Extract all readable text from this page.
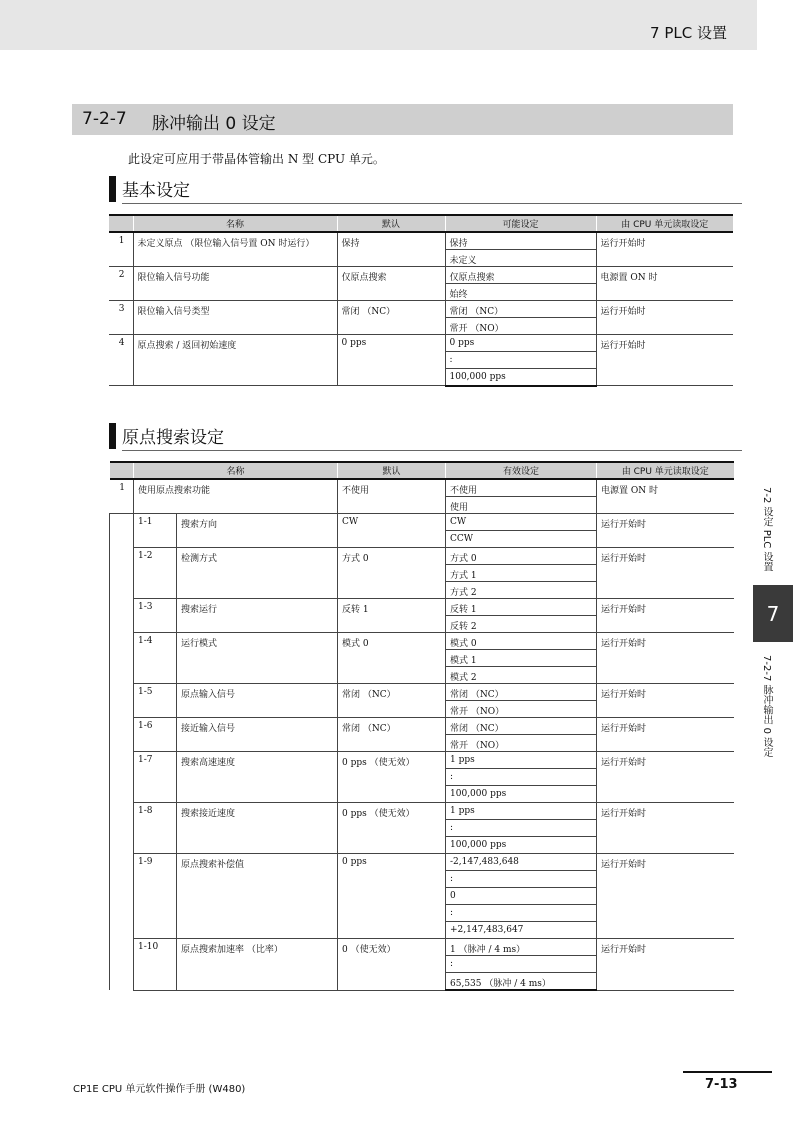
7 PLC 设置
7-2-7 脉冲输出 0 设定
此设定可应用于带晶体管输出 N 型 CPU 单元。
基本设定
	名称	默认	可能设定	由 CPU 单元读取设定
1	未定义原点 （限位输入信号置 ON 时运行）	保持	保持	运行开始时
			未定义	
2	限位输入信号功能	仅原点搜索	仅原点搜索	电源置 ON 时
			始终	
3	限位输入信号类型	常闭 （NC）	常闭 （NC）	运行开始时
			常开 （NO）	
4	原点搜索 / 返回初始速度	0 pps	0 pps	运行开始时
			:	
			100,000 pps	
原点搜索设定
	名称		默认	有效设定	由 CPU 单元读取设定
1	使用原点搜索功能		不使用	不使用	电源置 ON 时
				使用	
	1-1	搜索方向	CW	CW	运行开始时
				CCW	
	1-2	检测方式	方式 0	方式 0	运行开始时
				方式 1	
				方式 2	
	1-3	搜索运行	反转 1	反转 1	运行开始时
				反转 2	
	1-4	运行模式	模式 0	模式 0	运行开始时
				模式 1	
				模式 2	
	1-5	原点输入信号	常闭 （NC）	常闭 （NC）	运行开始时
				常开 （NO）	
	1-6	接近输入信号	常闭 （NC）	常闭 （NC）	运行开始时
				常开 （NO）	
	1-7	搜索高速速度	0 pps （使无效）	1 pps	运行开始时
				:	
				100,000 pps	
	1-8	搜索接近速度	0 pps （使无效）	1 pps	运行开始时
				:	
				100,000 pps	
	1-9	原点搜索补偿值	0 pps	-2,147,483,648	运行开始时
				:	
				0	
				:	
				+2,147,483,647	
	1-10	原点搜索加速率 （比率）	0 （使无效）	1 （脉冲 / 4 ms）	运行开始时
				:	
				65,535 （脉冲 / 4 ms）	
7-2 设定 PLC 设置
7
7-2-7 脉冲输出 0 设定
CP1E CPU 单元软件操作手册 (W480)	7-13
